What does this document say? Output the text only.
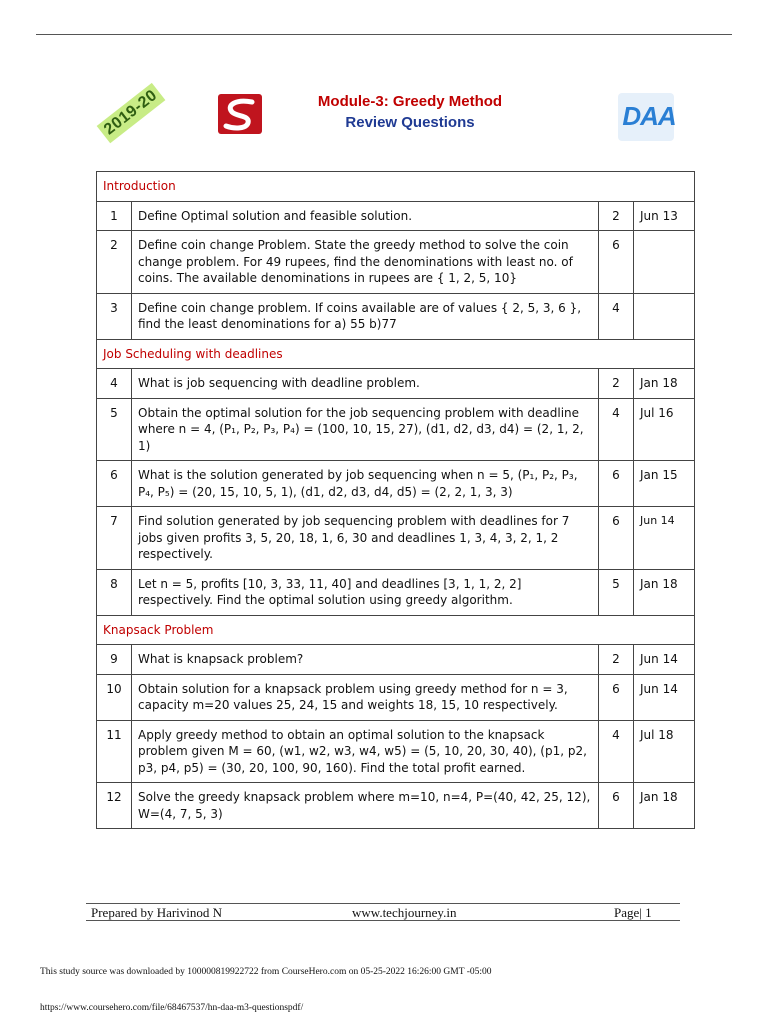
2019-20	Module-3: Greedy Method
Review Questions	DAA
Introduction			
1	Define Optimal solution and feasible solution.	2	Jun 13
2	Define coin change Problem. State the greedy method to solve the coin change problem. For 49 rupees, find the denominations with least no. of coins. The available denominations in rupees are { 1, 2, 5, 10}	6	
3	Define coin change problem. If coins available are of values { 2, 5, 3, 6 }, find the least denominations for a) 55 b)77	4	
Job Scheduling with deadlines			
4	What is job sequencing with deadline problem.	2	Jan 18
5	Obtain the optimal solution for the job sequencing problem with deadline where n = 4, (P₁, P₂, P₃, P₄) = (100, 10, 15, 27), (d1, d2, d3, d4) = (2, 1, 2, 1)	4	Jul 16
6	What is the solution generated by job sequencing when n = 5, (P₁, P₂, P₃, P₄, P₅) = (20, 15, 10, 5, 1), (d1, d2, d3, d4, d5) = (2, 2, 1, 3, 3)	6	Jan 15
7	Find solution generated by job sequencing problem with deadlines for 7 jobs given profits 3, 5, 20, 18, 1, 6, 30 and deadlines 1, 3, 4, 3, 2, 1, 2 respectively.	6	Jun 14
8	Let n = 5, profits [10, 3, 33, 11, 40] and deadlines [3, 1, 1, 2, 2] respectively. Find the optimal solution using greedy algorithm.	5	Jan 18
Knapsack Problem			
9	What is knapsack problem?	2	Jun 14
10	Obtain solution for a knapsack problem using greedy method for n = 3, capacity m=20 values 25, 24, 15 and weights 18, 15, 10 respectively.	6	Jun 14
11	Apply greedy method to obtain an optimal solution to the knapsack problem given M = 60, (w1, w2, w3, w4, w5) = (5, 10, 20, 30, 40), (p1, p2, p3, p4, p5) = (30, 20, 100, 90, 160). Find the total profit earned.	4	Jul 18
12	Solve the greedy knapsack problem where m=10, n=4, P=(40, 42, 25, 12), W=(4, 7, 5, 3)	6	Jan 18
Prepared by Harivinod N	www.techjourney.in	Page| 1
This study source was downloaded by 100000819922722 from CourseHero.com on 05-25-2022 16:26:00 GMT -05:00
https://www.coursehero.com/file/68467537/hn-daa-m3-questionspdf/
